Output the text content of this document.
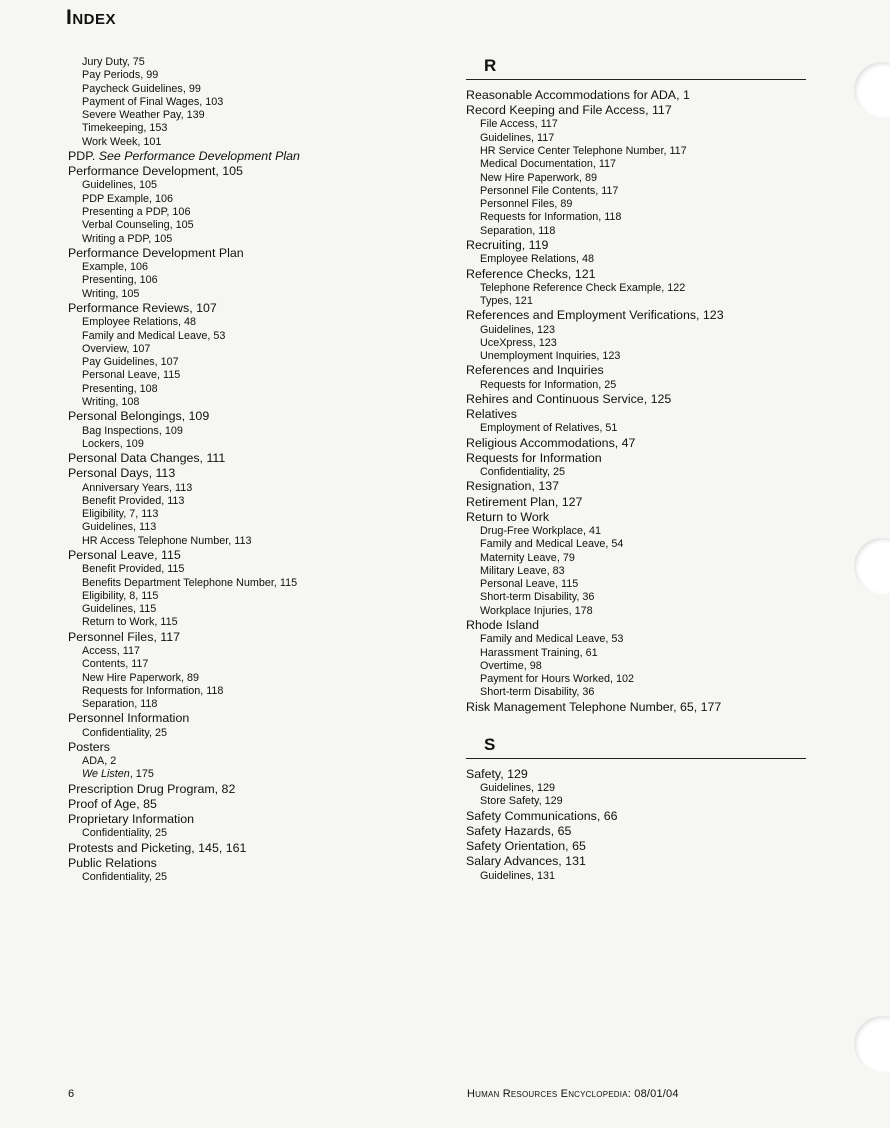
Index
Jury Duty, 75
Pay Periods, 99
Paycheck Guidelines, 99
Payment of Final Wages, 103
Severe Weather Pay, 139
Timekeeping, 153
Work Week, 101
PDP. See Performance Development Plan
Performance Development, 105
Guidelines, 105
PDP Example, 106
Presenting a PDP, 106
Verbal Counseling, 105
Writing a PDP, 105
Performance Development Plan
Example, 106
Presenting, 106
Writing, 105
Performance Reviews, 107
Employee Relations, 48
Family and Medical Leave, 53
Overview, 107
Pay Guidelines, 107
Personal Leave, 115
Presenting, 108
Writing, 108
Personal Belongings, 109
Bag Inspections, 109
Lockers, 109
Personal Data Changes, 111
Personal Days, 113
Anniversary Years, 113
Benefit Provided, 113
Eligibility, 7, 113
Guidelines, 113
HR Access Telephone Number, 113
Personal Leave, 115
Benefit Provided, 115
Benefits Department Telephone Number, 115
Eligibility, 8, 115
Guidelines, 115
Return to Work, 115
Personnel Files, 117
Access, 117
Contents, 117
New Hire Paperwork, 89
Requests for Information, 118
Separation, 118
Personnel Information
Confidentiality, 25
Posters
ADA, 2
We Listen, 175
Prescription Drug Program, 82
Proof of Age, 85
Proprietary Information
Confidentiality, 25
Protests and Picketing, 145, 161
Public Relations
Confidentiality, 25
R
Reasonable Accommodations for ADA, 1
Record Keeping and File Access, 117
File Access, 117
Guidelines, 117
HR Service Center Telephone Number, 117
Medical Documentation, 117
New Hire Paperwork, 89
Personnel File Contents, 117
Personnel Files, 89
Requests for Information, 118
Separation, 118
Recruiting, 119
Employee Relations, 48
Reference Checks, 121
Telephone Reference Check Example, 122
Types, 121
References and Employment Verifications, 123
Guidelines, 123
UceXpress, 123
Unemployment Inquiries, 123
References and Inquiries
Requests for Information, 25
Rehires and Continuous Service, 125
Relatives
Employment of Relatives, 51
Religious Accommodations, 47
Requests for Information
Confidentiality, 25
Resignation, 137
Retirement Plan, 127
Return to Work
Drug-Free Workplace, 41
Family and Medical Leave, 54
Maternity Leave, 79
Military Leave, 83
Personal Leave, 115
Short-term Disability, 36
Workplace Injuries, 178
Rhode Island
Family and Medical Leave, 53
Harassment Training, 61
Overtime, 98
Payment for Hours Worked, 102
Short-term Disability, 36
Risk Management Telephone Number, 65, 177
S
Safety, 129
Guidelines, 129
Store Safety, 129
Safety Communications, 66
Safety Hazards, 65
Safety Orientation, 65
Salary Advances, 131
Guidelines, 131
6	Human Resources Encyclopedia: 08/01/04
